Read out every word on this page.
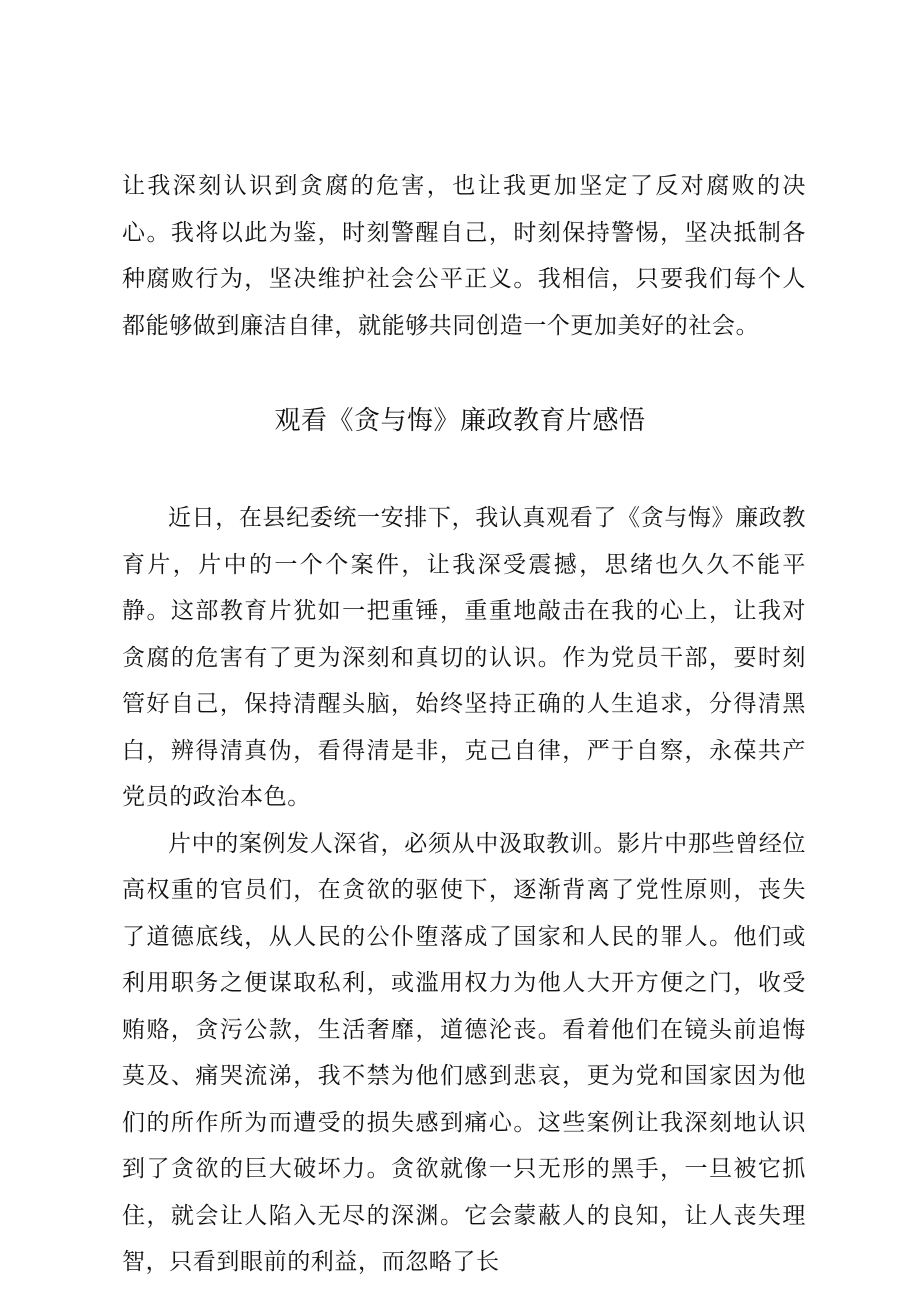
让我深刻认识到贪腐的危害，也让我更加坚定了反对腐败的决心。我将以此为鉴，时刻警醒自己，时刻保持警惕，坚决抵制各种腐败行为，坚决维护社会公平正义。我相信，只要我们每个人都能够做到廉洁自律，就能够共同创造一个更加美好的社会。

观看《贪与悔》廉政教育片感悟

近日，在县纪委统一安排下，我认真观看了《贪与悔》廉政教育片，片中的一个个案件，让我深受震撼，思绪也久久不能平静。这部教育片犹如一把重锤，重重地敲击在我的心上，让我对贪腐的危害有了更为深刻和真切的认识。作为党员干部，要时刻管好自己，保持清醒头脑，始终坚持正确的人生追求，分得清黑白，辨得清真伪，看得清是非，克己自律，严于自察，永葆共产党员的政治本色。

片中的案例发人深省，必须从中汲取教训。影片中那些曾经位高权重的官员们，在贪欲的驱使下，逐渐背离了党性原则，丧失了道德底线，从人民的公仆堕落成了国家和人民的罪人。他们或利用职务之便谋取私利，或滥用权力为他人大开方便之门，收受贿赂，贪污公款，生活奢靡，道德沦丧。看着他们在镜头前追悔莫及、痛哭流涕，我不禁为他们感到悲哀，更为党和国家因为他们的所作所为而遭受的损失感到痛心。这些案例让我深刻地认识到了贪欲的巨大破坏力。贪欲就像一只无形的黑手，一旦被它抓住，就会让人陷入无尽的深渊。它会蒙蔽人的良知，让人丧失理智，只看到眼前的利益，而忽略了长
